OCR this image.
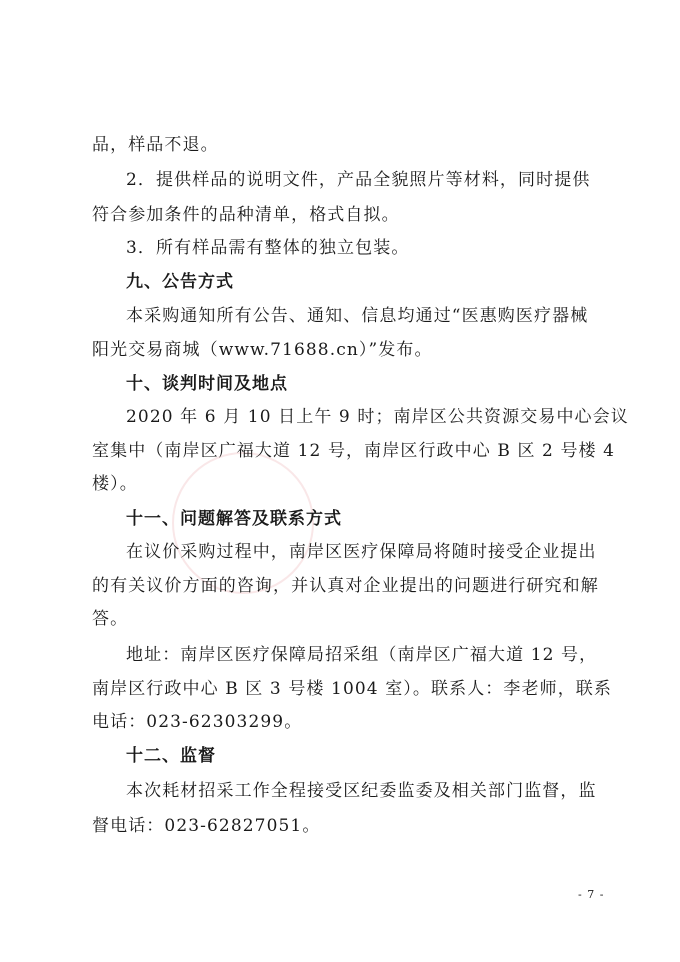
品，样品不退。
2．提供样品的说明文件，产品全貌照片等材料，同时提供
符合参加条件的品种清单，格式自拟。
3．所有样品需有整体的独立包装。
九、公告方式
本采购通知所有公告、通知、信息均通过“医惠购医疗器械
阳光交易商城（www.71688.cn）”发布。
十、谈判时间及地点
2020 年 6 月 10 日上午 9 时；南岸区公共资源交易中心会议
室集中（南岸区广福大道 12 号，南岸区行政中心 B 区 2 号楼 4
楼）。
十一、问题解答及联系方式
在议价采购过程中，南岸区医疗保障局将随时接受企业提出
的有关议价方面的咨询，并认真对企业提出的问题进行研究和解
答。
地址：南岸区医疗保障局招采组（南岸区广福大道 12 号，
南岸区行政中心 B 区 3 号楼 1004 室）。联系人：李老师，联系
电话：023-62303299。
十二、监督
本次耗材招采工作全程接受区纪委监委及相关部门监督，监
督电话：023-62827051。
- 7 -
